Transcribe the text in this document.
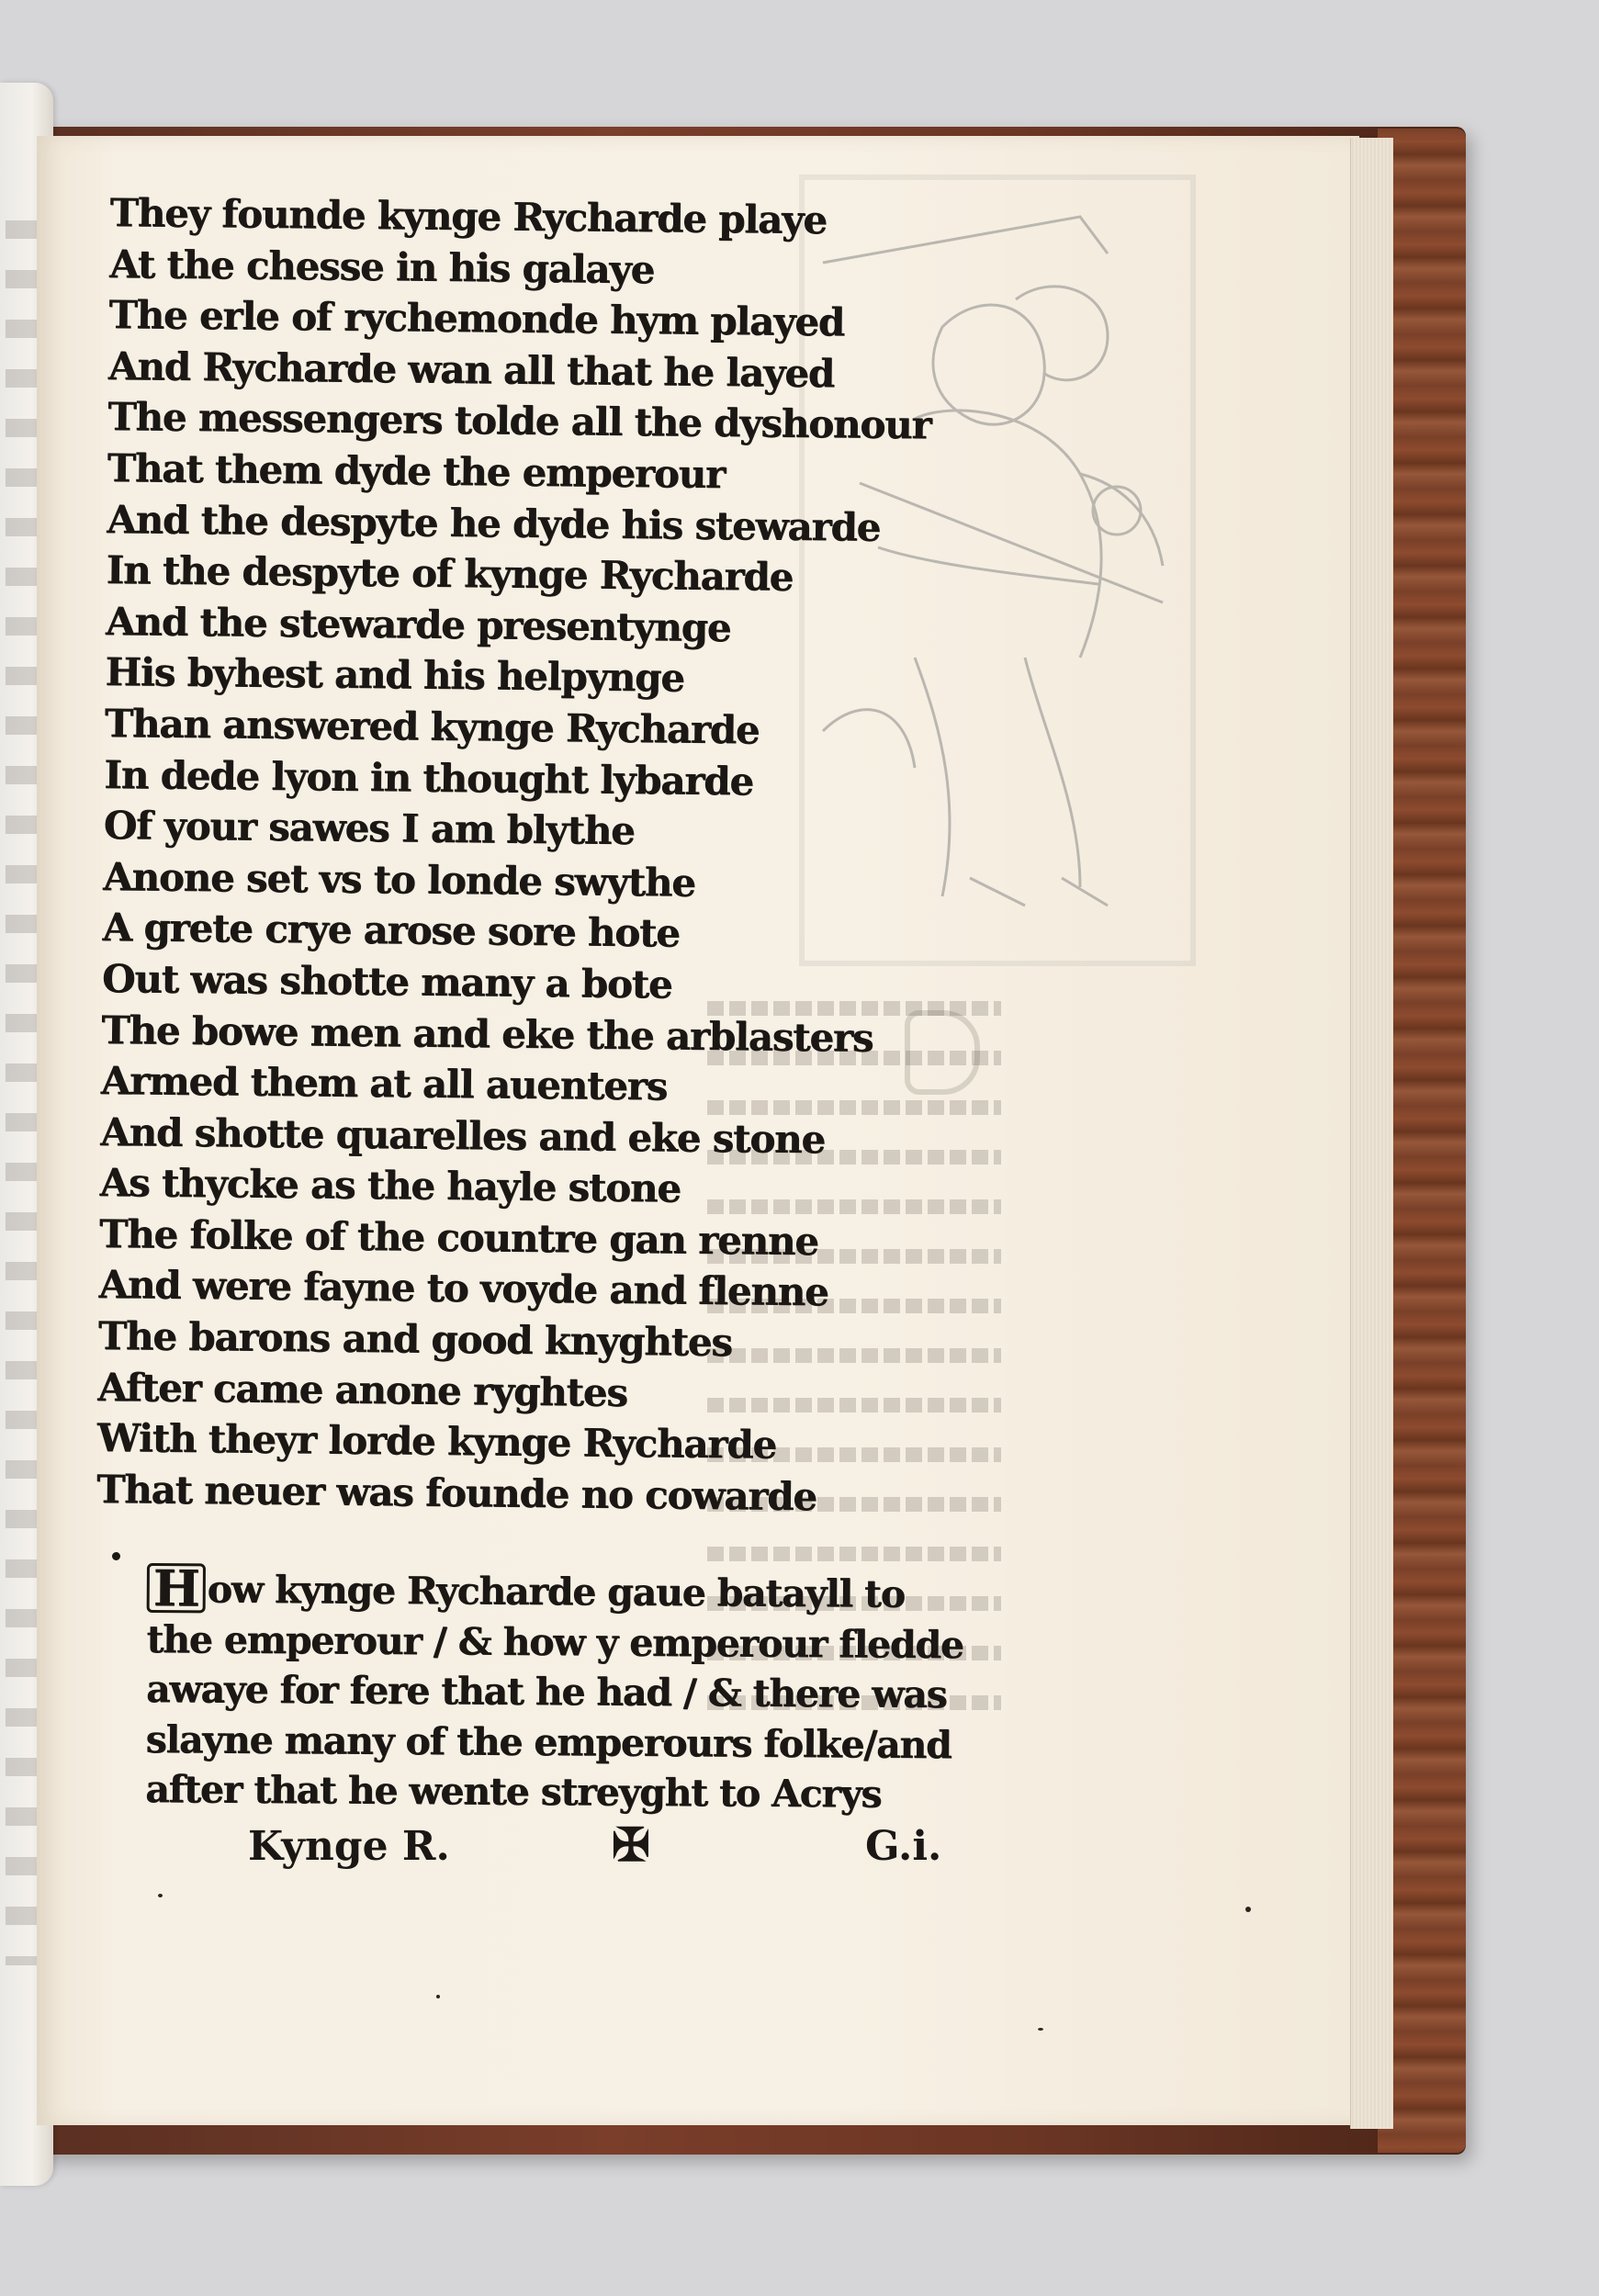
They founde kynge Rycharde playe
At the chesse in his galaye
The erle of rychemonde hym played
And Rycharde wan all that he layed
The messengers tolde all the dyshonour
That them dyde the emperour
And the despyte he dyde his stewarde
In the despyte of kynge Rycharde
And the stewarde presentynge
His byhest and his helpynge
Than answered kynge Rycharde
In dede lyon in thought lybarde
Of your sawes I am blythe
Anone set vs to londe swythe
A grete crye arose sore hote
Out was shotte many a bote
The bowe men and eke the arblasters
Armed them at all auenters
And shotte quarelles and eke stone
As thycke as the hayle stone
The folke of the countre gan renne
And were fayne to voyde and flenne
The barons and good knyghtes
After came anone ryghtes
With theyr lorde kynge Rycharde
That neuer was founde no cowarde
H ow kynge Rycharde gaue batayll to
the emperour / & how y emperour fledde
awaye for fere that he had / & there was
slayne many of the emperours folke/and
after that he wente streyght to Acrys
Kynge R.	✠	G.i.
